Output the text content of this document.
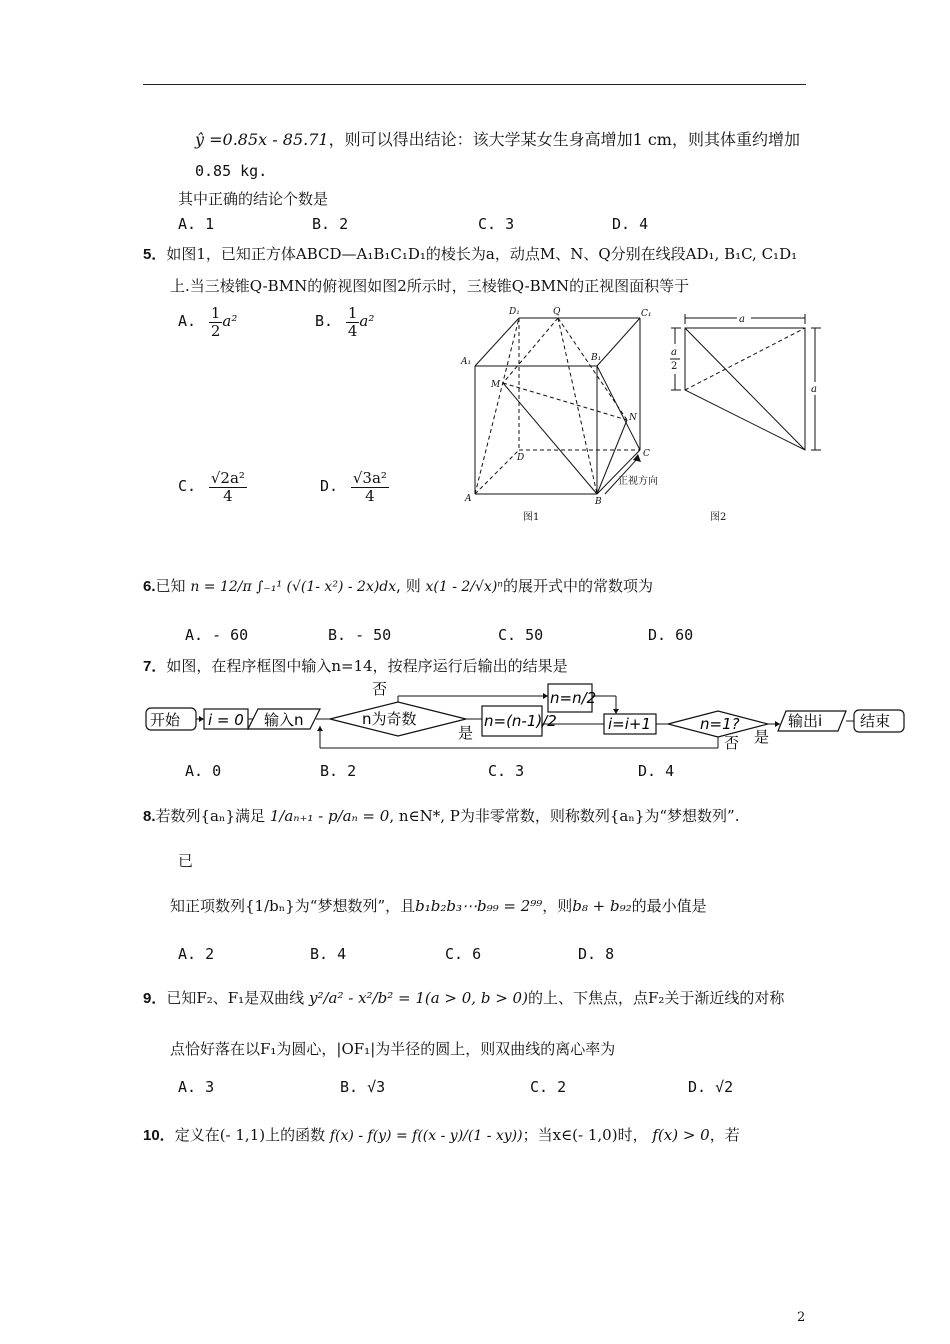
ŷ =0.85x - 85.71，则可以得出结论：该大学某女生身高增加1 cm，则其体重约增加
0.85 kg.
其中正确的结论个数是
A. 1	B. 2	C. 3	D. 4
5．如图1，已知正方体ABCD—A₁B₁C₁D₁的棱长为a，动点M、N、Q分别在线段AD₁, B₁C, C₁D₁
上.当三棱锥Q-BMN的俯视图如图2所示时，三棱锥Q-BMN的正视图面积等于
A. $\frac{1}{2} a^2$	B. $\frac{1}{4} a^2$
C. $\frac{\text{√2a²}}{4}$	D. $\frac{\text{√3a²}}{4}$
D₁	Q	C₁
A₁	B₁
M
N
D	C
A	B
正视方向
图1
a
a
2
a
图2
6.已知 n = 12/π ∫₋₁¹ (√(1- x²) - 2x)dx, 则 x(1 - 2/√x)ⁿ的展开式中的常数项为
A. - 60	B. - 50	C. 50	D. 60
7．如图，在程序框图中输入n=14，按程序运行后输出的结果是
开始 i = 0 输入n	n为奇数
否
是
n=n/2
n=(n-1)/2	i=i+1	n=1?
否 是
输出i	结束
A. 0	B. 2	C. 3	D. 4
8.若数列{aₙ}满足 1/aₙ₊₁ - p/aₙ = 0, n∈N*, P为非零常数，则称数列{aₙ}为“梦想数列”.
已
知正项数列{1/bₙ}为“梦想数列”，且b₁b₂b₃⋯b₉₉ = 2⁹⁹，则b₈ + b₉₂的最小值是
A. 2	B. 4	C. 6	D. 8
9．已知F₂、F₁是双曲线 y²/a² - x²/b² = 1(a > 0, b > 0)的上、下焦点，点F₂关于渐近线的对称
点恰好落在以F₁为圆心，|OF₁|为半径的圆上，则双曲线的离心率为
A. 3	B. √3	C. 2	D. √2
10．定义在(- 1,1)上的函数 f(x) - f(y) = f((x - y)/(1 - xy))；当x∈(- 1,0)时， f(x) > 0，若
2
